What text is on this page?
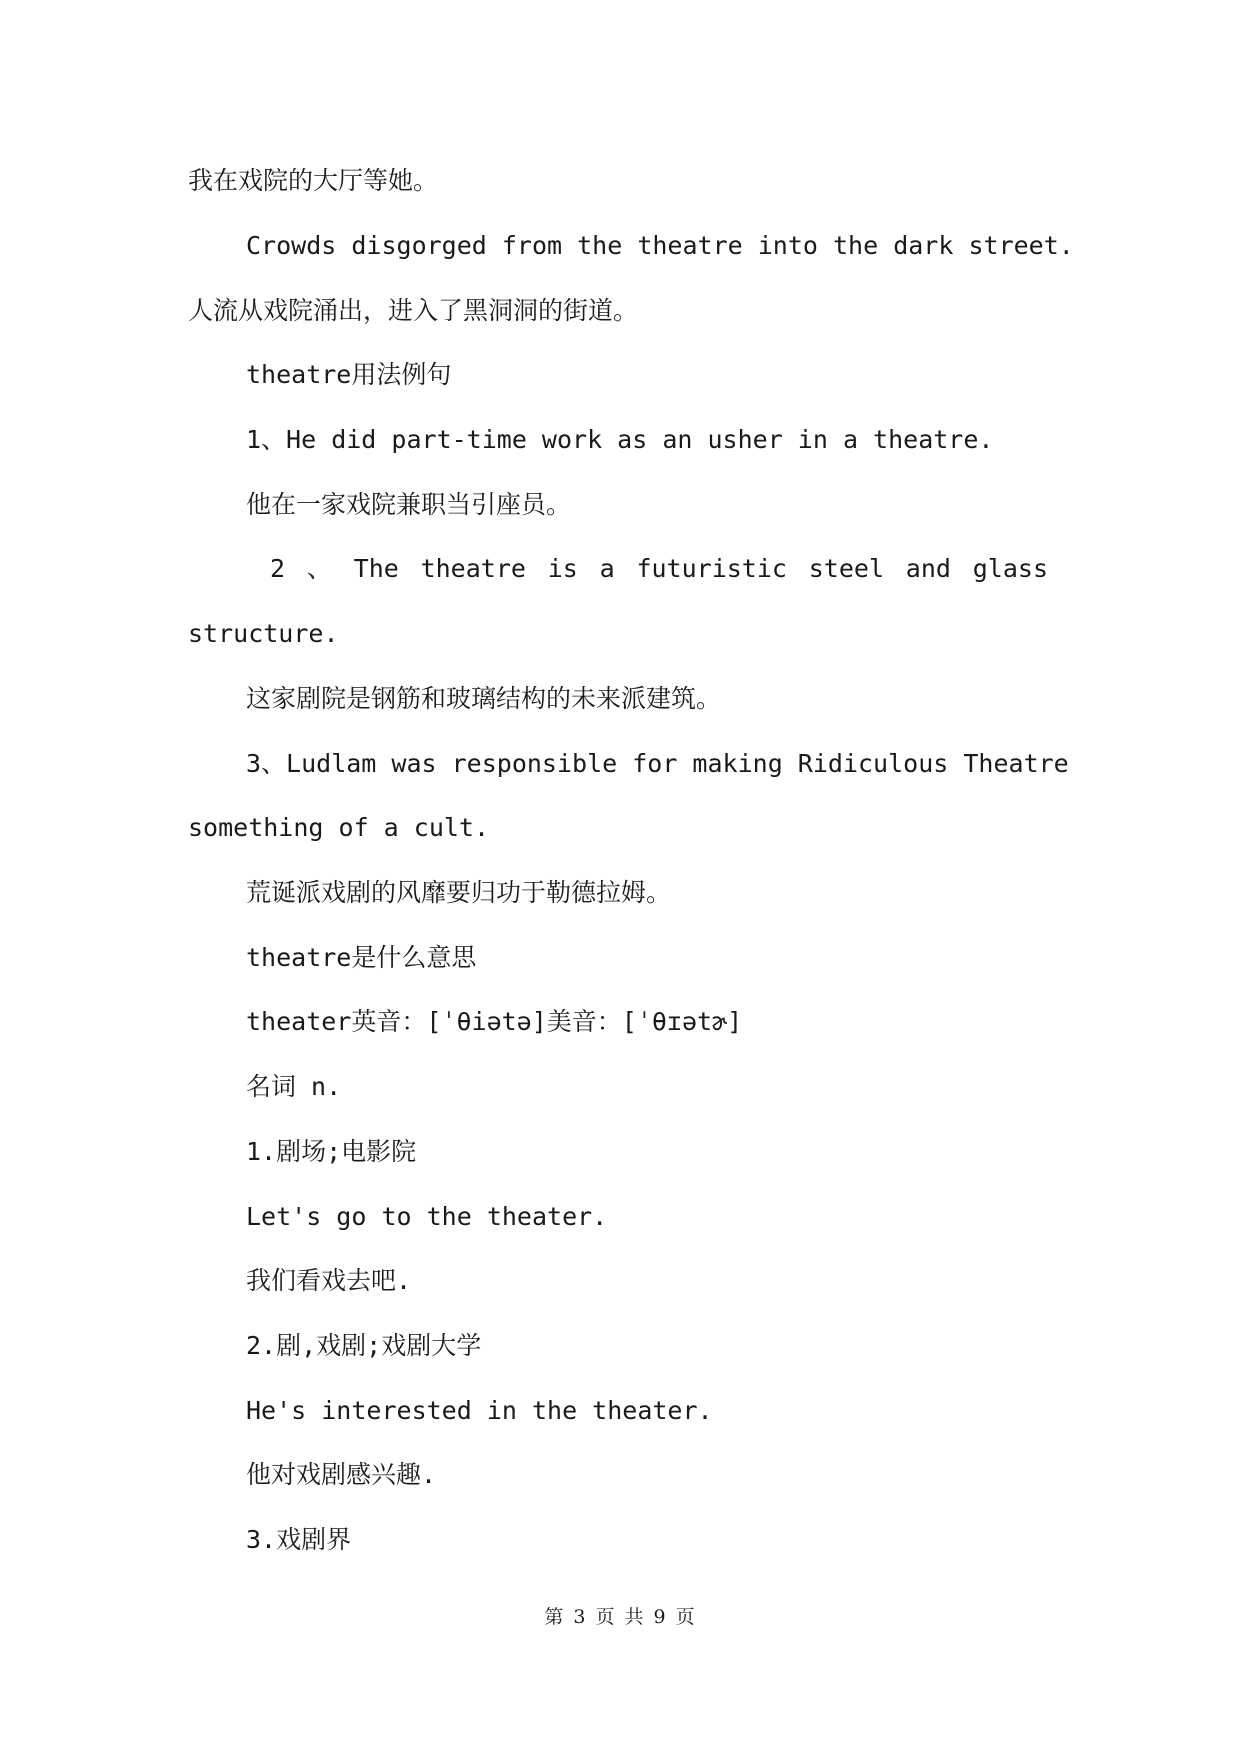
我在戏院的大厅等她。
Crowds disgorged from the theatre into the dark street.
人流从戏院涌出，进入了黑洞洞的街道。
theatre用法例句
1、He did part-time work as an usher in a theatre.
他在一家戏院兼职当引座员。
2 、 The theatre is a futuristic steel and glass
structure.
这家剧院是钢筋和玻璃结构的未来派建筑。
3、Ludlam was responsible for making Ridiculous Theatre
something of a cult.
荒诞派戏剧的风靡要归功于勒德拉姆。
theatre是什么意思
theater英音：[ˈθiətə]美音：[ˈθɪətɚ]
名词 n.
1.剧场;电影院
Let's go to the theater.
我们看戏去吧.
2.剧,戏剧;戏剧大学
He's interested in the theater.
他对戏剧感兴趣.
3.戏剧界
第 3 页 共 9 页
